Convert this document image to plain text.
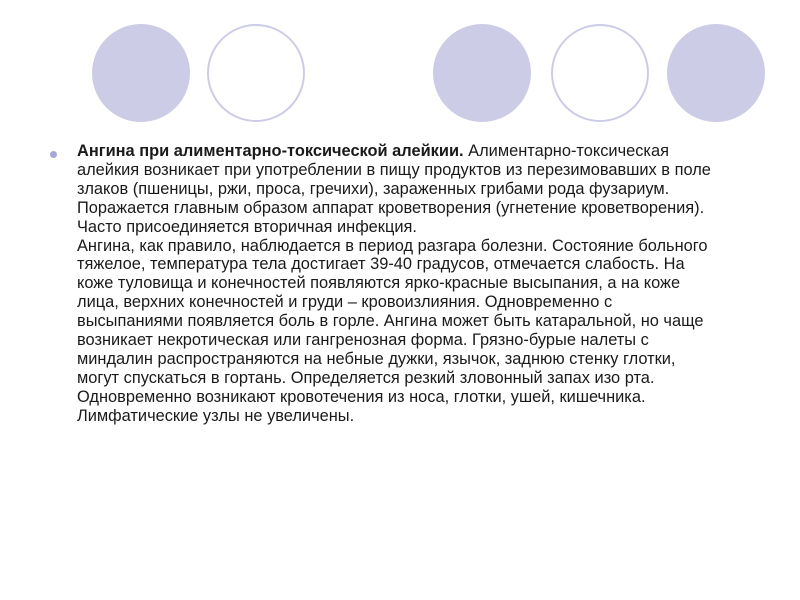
Ангина при алиментарно-токсической алейкии. Алиментарно-токсическая алейкия возникает при употреблении в пищу продуктов из перезимовавших в поле злаков (пшеницы, ржи, проса, гречихи), зараженных грибами рода фузариум. Поражается главным образом аппарат кроветворения (угнетение кроветворения). Часто присоединяется вторичная инфекция.

Ангина, как правило, наблюдается в период разгара болезни. Состояние больного тяжелое, температура тела достигает 39-40 градусов, отмечается слабость. На коже туловища и конечностей появляются ярко-красные высыпания, а на коже лица, верхних конечностей и груди – кровоизлияния. Одновременно с высыпаниями появляется боль в горле. Ангина может быть катаральной, но чаще возникает некротическая или гангренозная форма. Грязно-бурые налеты с миндалин распространяются на небные дужки, язычок, заднюю стенку глотки, могут спускаться в гортань. Определяется резкий зловонный запах изо рта. Одновременно возникают кровотечения из носа, глотки, ушей, кишечника. Лимфатические узлы не увеличены.
